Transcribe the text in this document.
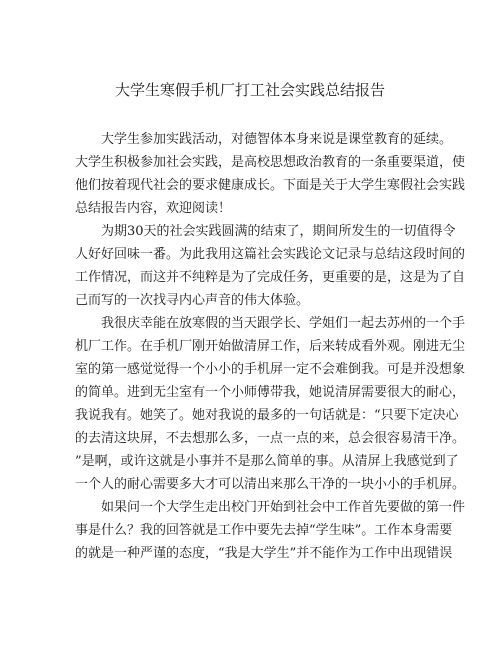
大学生寒假手机厂打工社会实践总结报告
大学生参加实践活动，对德智体本身来说是课堂教育的延续。
大学生积极参加社会实践，是高校思想政治教育的一条重要渠道，使
他们按着现代社会的要求健康成长。下面是关于大学生寒假社会实践
总结报告内容，欢迎阅读！
为期30天的社会实践圆满的结束了，期间所发生的一切值得令
人好好回味一番。为此我用这篇社会实践论文记录与总结这段时间的
工作情况，而这并不纯粹是为了完成任务，更重要的是，这是为了自
己而写的一次找寻内心声音的伟大体验。
我很庆幸能在放寒假的当天跟学长、学姐们一起去苏州的一个手
机厂工作。在手机厂刚开始做清屏工作，后来转成看外观。刚进无尘
室的第一感觉觉得一个小小的手机屏一定不会难倒我。可是并没想象
的简单。进到无尘室有一个小师傅带我，她说清屏需要很大的耐心，
我说我有。她笑了。她对我说的最多的一句话就是：“只要下定决心
的去清这块屏，不去想那么多，一点一点的来，总会很容易清干净。
”是啊，或许这就是小事并不是那么简单的事。从清屏上我感觉到了
一个人的耐心需要多大才可以清出来那么干净的一块小小的手机屏。
如果问一个大学生走出校门开始到社会中工作首先要做的第一件
事是什么？我的回答就是工作中要先去掉“学生味”。工作本身需要
的就是一种严谨的态度，“我是大学生”并不能作为工作中出现错误
